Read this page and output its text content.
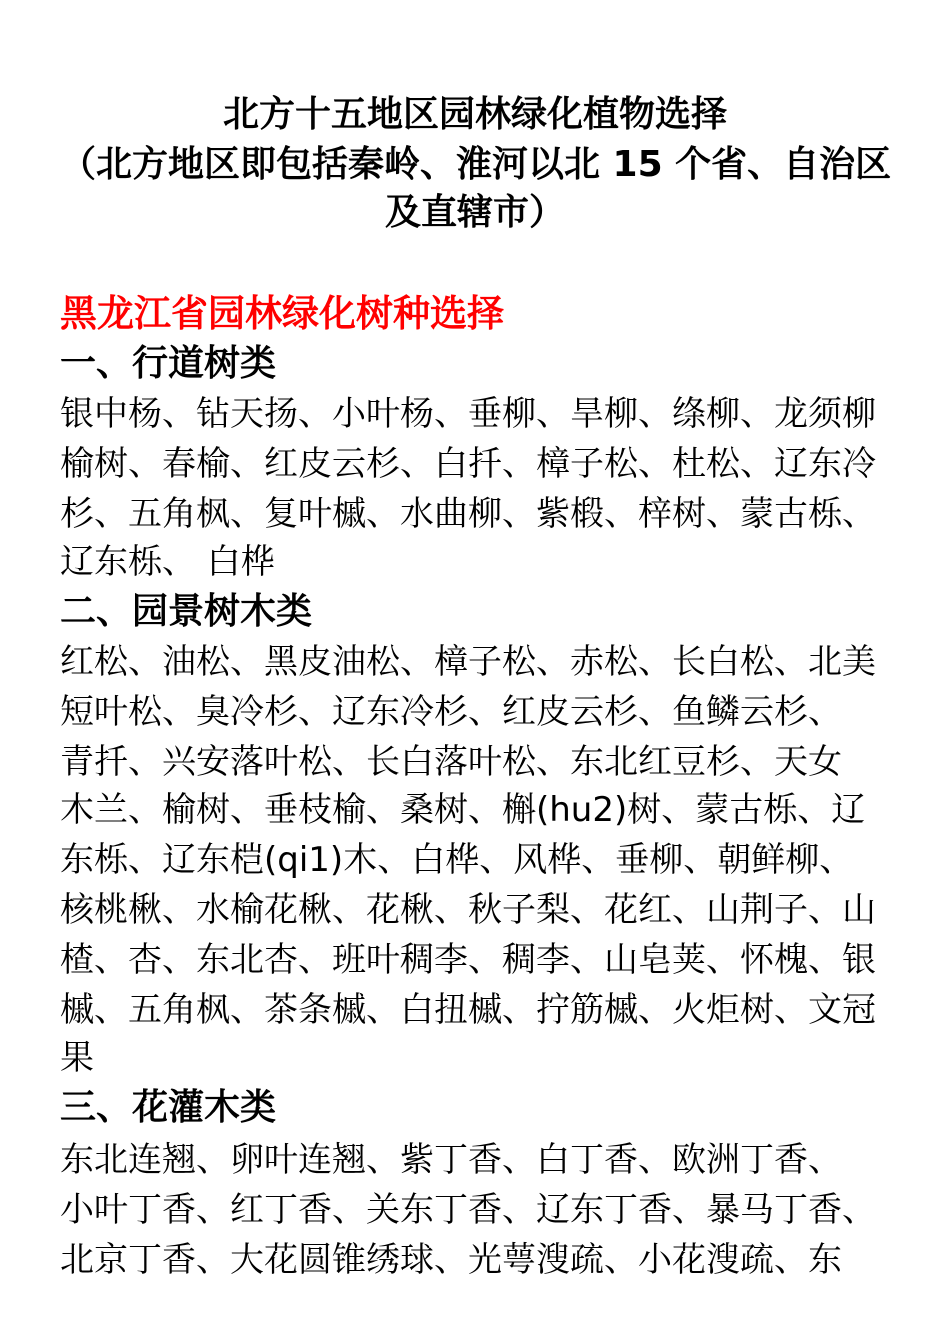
北方十五地区园林绿化植物选择
（北方地区即包括秦岭、淮河以北 15 个省、自治区
及直辖市）
黑龙江省园林绿化树种选择
一、行道树类

银中杨、钻天扬、小叶杨、垂柳、旱柳、绦柳、龙须柳

榆树、春榆、红皮云杉、白扦、樟子松、杜松、辽东冷

杉、五角枫、复叶槭、水曲柳、紫椴、梓树、蒙古栎、

辽东栎、 白桦

二、园景树木类

红松、油松、黑皮油松、樟子松、赤松、长白松、北美

短叶松、臭冷杉、辽东冷杉、红皮云杉、鱼鳞云杉、

青扦、兴安落叶松、长白落叶松、东北红豆杉、天女

木兰、榆树、垂枝榆、桑树、槲(hu2)树、蒙古栎、辽

东栎、辽东桤(qi1)木、白桦、风桦、垂柳、朝鲜柳、

核桃楸、水榆花楸、花楸、秋子梨、花红、山荆子、山

楂、杏、东北杏、班叶稠李、稠李、山皂荚、怀槐、银

槭、五角枫、茶条槭、白扭槭、拧筋槭、火炬树、文冠

果

三、花灌木类

东北连翘、卵叶连翘、紫丁香、白丁香、欧洲丁香、

小叶丁香、红丁香、关东丁香、辽东丁香、暴马丁香、

北京丁香、大花圆锥绣球、光萼溲疏、小花溲疏、东
